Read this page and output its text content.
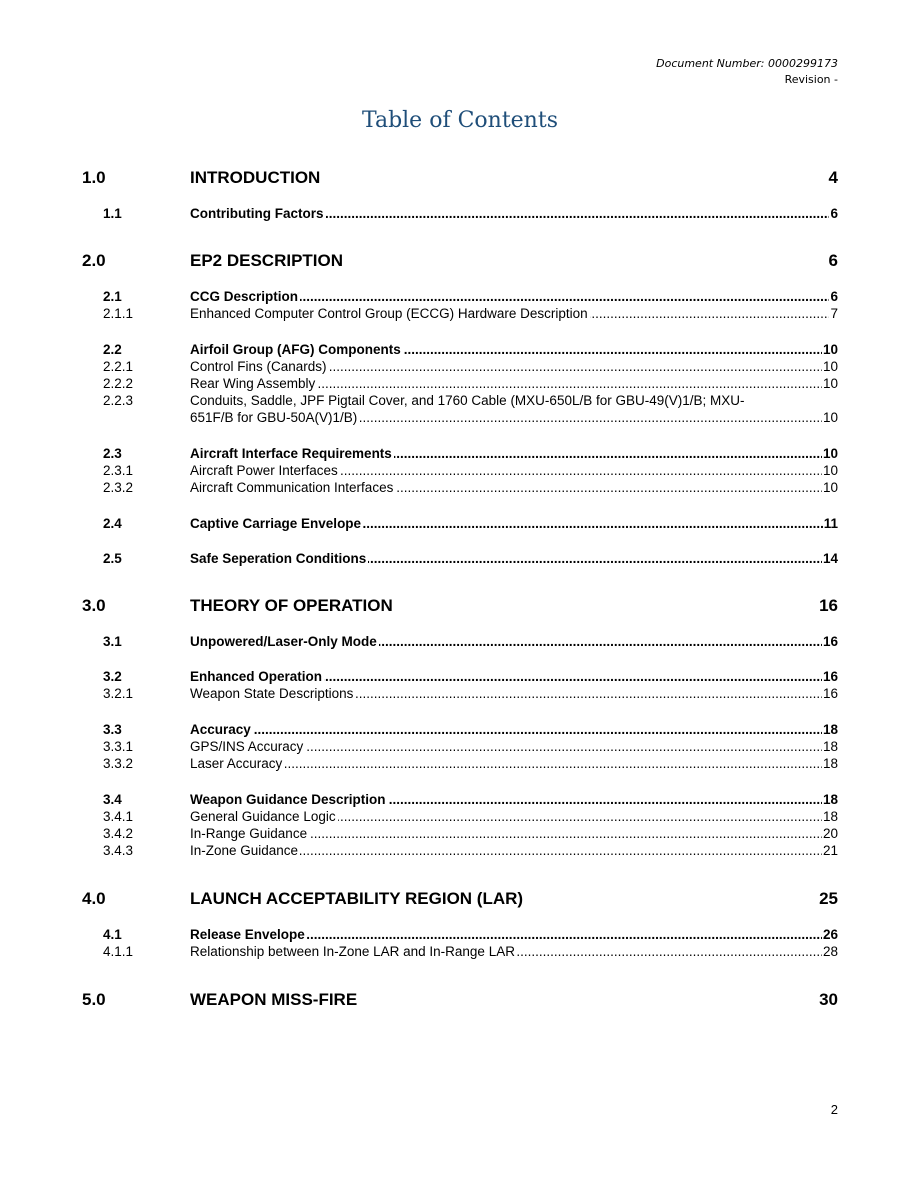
Document Number: 0000299173
Revision -
Table of Contents
1.0	INTRODUCTION	4
1.1	Contributing Factors .....	6
2.0	EP2 DESCRIPTION	6
2.1	CCG Description .....	6
2.1.1	Enhanced Computer Control Group (ECCG) Hardware Description .....	7
2.2	Airfoil Group (AFG) Components .....	10
2.2.1	Control Fins (Canards) .....	10
2.2.2	Rear Wing Assembly .....	10
2.2.3	Conduits, Saddle, JPF Pigtail Cover, and 1760 Cable (MXU-650L/B for GBU-49(V)1/B; MXU-
651F/B for GBU-50A(V)1/B) .....	10
2.3	Aircraft Interface Requirements .....	10
2.3.1	Aircraft Power Interfaces .....	10
2.3.2	Aircraft Communication Interfaces .....	10
2.4	Captive Carriage Envelope .....	11
2.5	Safe Seperation Conditions .....	14
3.0	THEORY OF OPERATION	16
3.1	Unpowered/Laser-Only Mode .....	16
3.2	Enhanced Operation .....	16
3.2.1	Weapon State Descriptions .....	16
3.3	Accuracy .....	18
3.3.1	GPS/INS Accuracy .....	18
3.3.2	Laser Accuracy .....	18
3.4	Weapon Guidance Description .....	18
3.4.1	General Guidance Logic .....	18
3.4.2	In-Range Guidance .....	20
3.4.3	In-Zone Guidance .....	21
4.0	LAUNCH ACCEPTABILITY REGION (LAR)	25
4.1	Release Envelope .....	26
4.1.1	Relationship between In-Zone LAR and In-Range LAR .....	28
5.0	WEAPON MISS-FIRE	30
2
